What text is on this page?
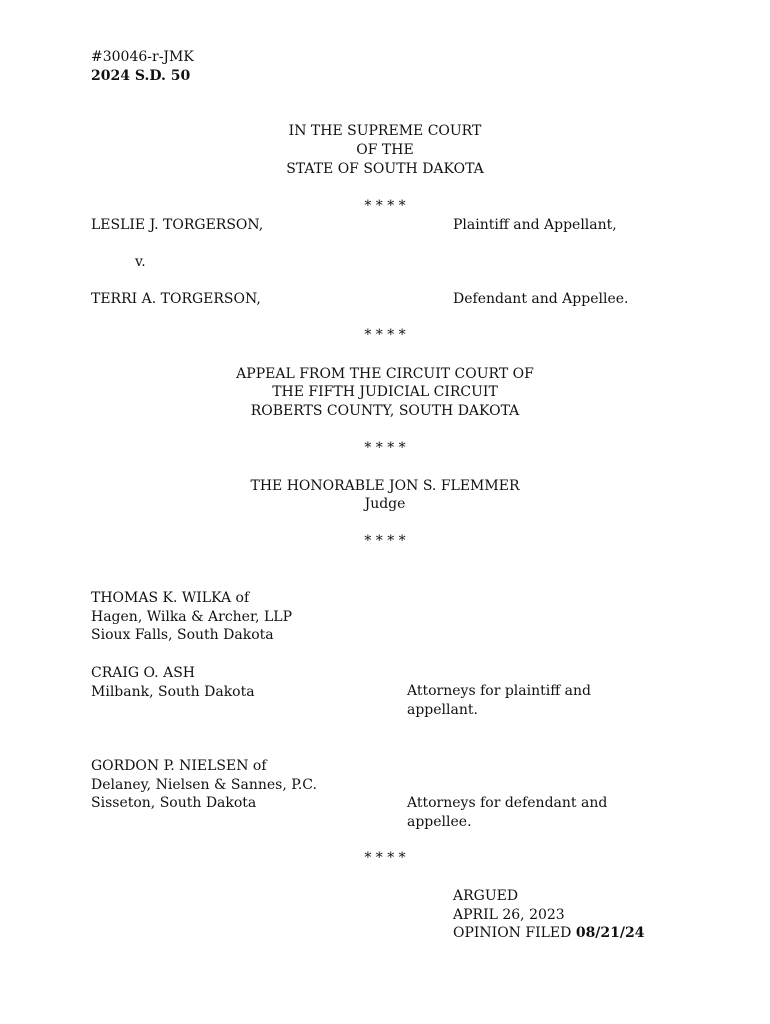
#30046-r-JMK
2024 S.D. 50
IN THE SUPREME COURT
OF THE
STATE OF SOUTH DAKOTA
* * * *
LESLIE J. TORGERSON,	Plaintiff and Appellant,
v.
TERRI A. TORGERSON,	Defendant and Appellee.
* * * *
APPEAL FROM THE CIRCUIT COURT OF
THE FIFTH JUDICIAL CIRCUIT
ROBERTS COUNTY, SOUTH DAKOTA
* * * *
THE HONORABLE JON S. FLEMMER
Judge
* * * *
THOMAS K. WILKA of
Hagen, Wilka & Archer, LLP
Sioux Falls, South Dakota
CRAIG O. ASH
Milbank, South Dakota	Attorneys for plaintiff and
appellant.
GORDON P. NIELSEN of
Delaney, Nielsen & Sannes, P.C.
Sisseton, South Dakota	Attorneys for defendant and
appellee.
* * * *
ARGUED
APRIL 26, 2023
OPINION FILED 08/21/24
